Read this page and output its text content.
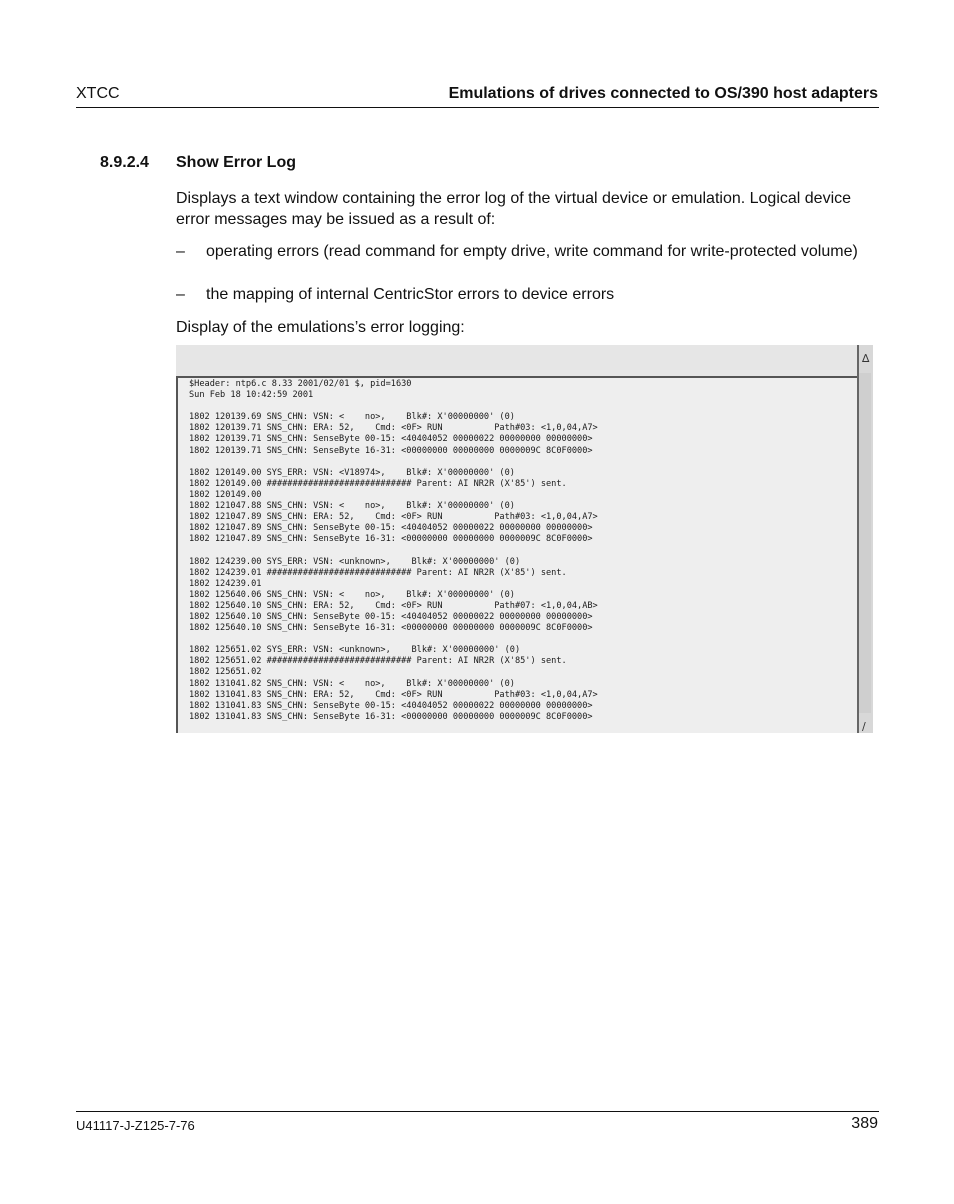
XTCC	Emulations of drives connected to OS/390 host adapters
8.9.2.4 Show Error Log
Displays a text window containing the error log of the virtual device or emulation. Logical device error messages may be issued as a result of:
– operating errors (read command for empty drive, write command for write-protected volume)
– the mapping of internal CentricStor errors to device errors
Display of the emulations’s error logging:
$Header: ntp6.c 8.33 2001/02/01 $, pid=1630
Sun Feb 18 10:42:59 2001

1802 120139.69 SNS_CHN: VSN: <    no>,    Blk#: X'00000000' (0)
1802 120139.71 SNS_CHN: ERA: 52,    Cmd: <0F> RUN          Path#03: <1,0,04,A7>
1802 120139.71 SNS_CHN: SenseByte 00-15: <40404052 00000022 00000000 00000000>
1802 120139.71 SNS_CHN: SenseByte 16-31: <00000000 00000000 0000009C 8C0F0000>

1802 120149.00 SYS_ERR: VSN: <V18974>,    Blk#: X'00000000' (0)
1802 120149.00 ############################ Parent: AI NR2R (X'85') sent.
1802 120149.00
1802 121047.88 SNS_CHN: VSN: <    no>,    Blk#: X'00000000' (0)
1802 121047.89 SNS_CHN: ERA: 52,    Cmd: <0F> RUN          Path#03: <1,0,04,A7>
1802 121047.89 SNS_CHN: SenseByte 00-15: <40404052 00000022 00000000 00000000>
1802 121047.89 SNS_CHN: SenseByte 16-31: <00000000 00000000 0000009C 8C0F0000>

1802 124239.00 SYS_ERR: VSN: <unknown>,    Blk#: X'00000000' (0)
1802 124239.01 ############################ Parent: AI NR2R (X'85') sent.
1802 124239.01
1802 125640.06 SNS_CHN: VSN: <    no>,    Blk#: X'00000000' (0)
1802 125640.10 SNS_CHN: ERA: 52,    Cmd: <0F> RUN          Path#07: <1,0,04,AB>
1802 125640.10 SNS_CHN: SenseByte 00-15: <40404052 00000022 00000000 00000000>
1802 125640.10 SNS_CHN: SenseByte 16-31: <00000000 00000000 0000009C 8C0F0000>

1802 125651.02 SYS_ERR: VSN: <unknown>,    Blk#: X'00000000' (0)
1802 125651.02 ############################ Parent: AI NR2R (X'85') sent.
1802 125651.02
1802 131041.82 SNS_CHN: VSN: <    no>,    Blk#: X'00000000' (0)
1802 131041.83 SNS_CHN: ERA: 52,    Cmd: <0F> RUN          Path#03: <1,0,04,A7>
1802 131041.83 SNS_CHN: SenseByte 00-15: <40404052 00000022 00000000 00000000>
1802 131041.83 SNS_CHN: SenseByte 16-31: <00000000 00000000 0000009C 8C0F0000>
∆
∕
U41117-J-Z125-7-76	389
